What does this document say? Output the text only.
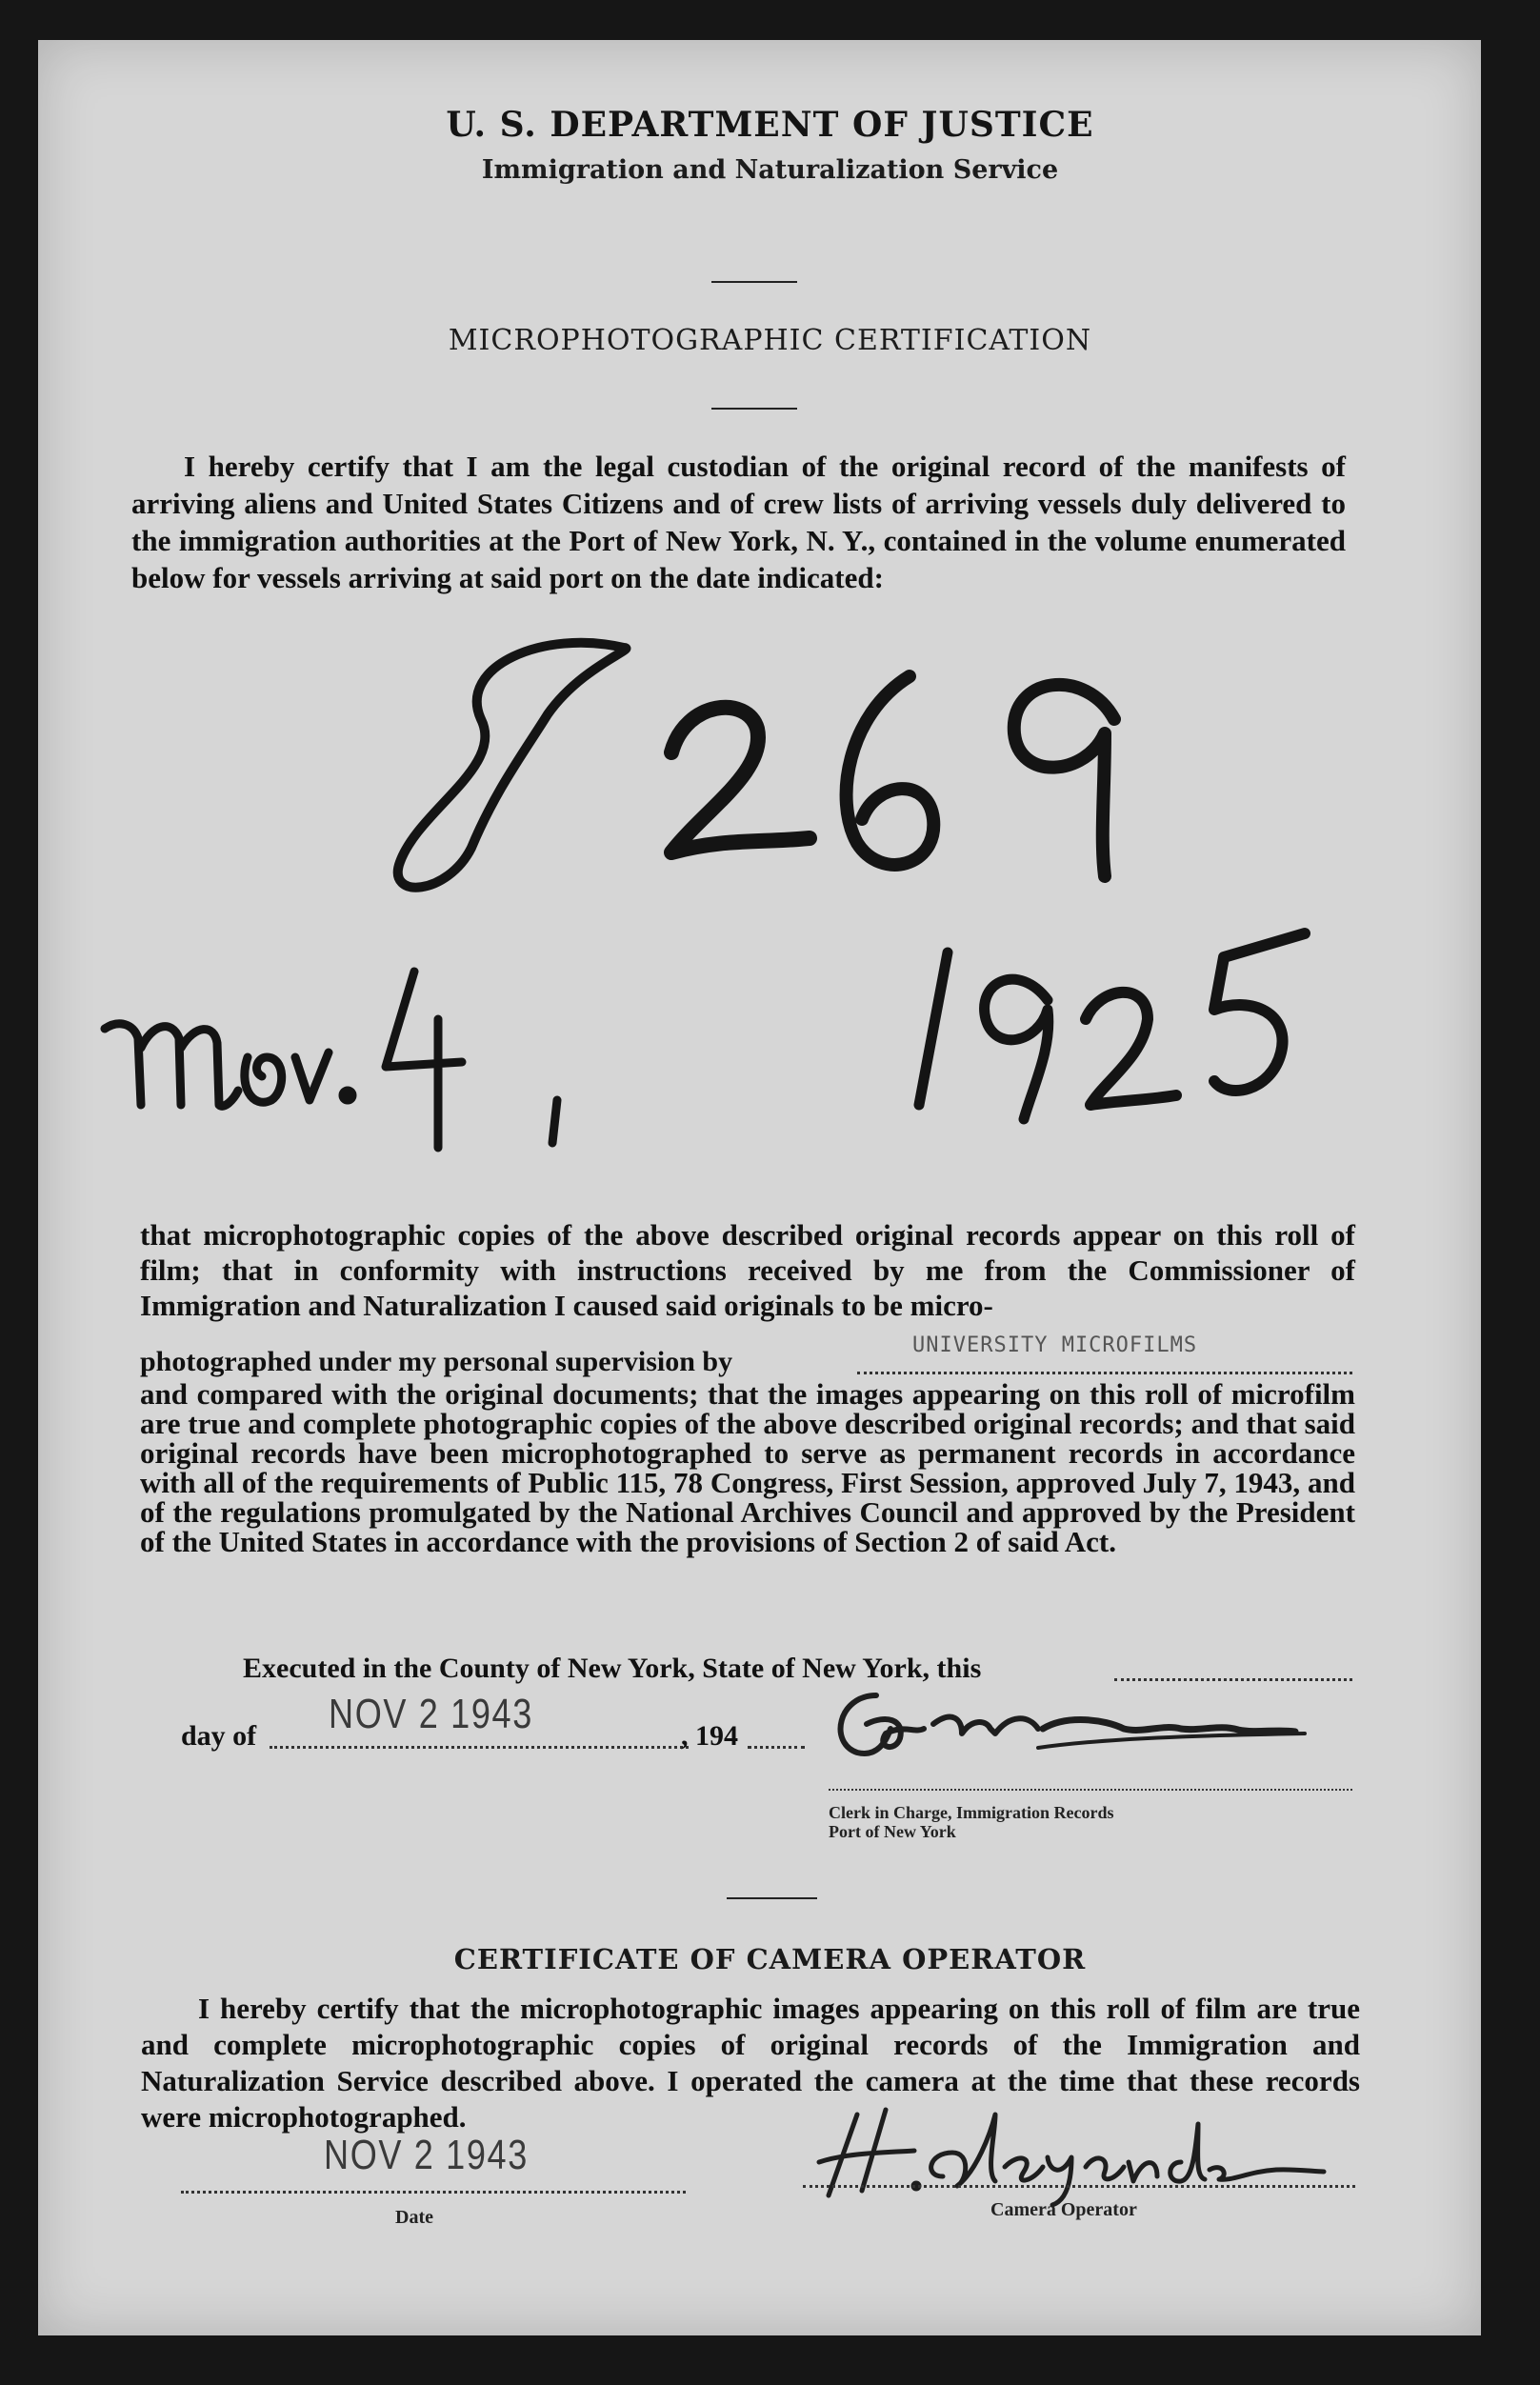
U. S. DEPARTMENT OF JUSTICE
Immigration and Naturalization Service
MICROPHOTOGRAPHIC CERTIFICATION
I hereby certify that I am the legal custodian of the original record of the manifests of arriving aliens and United States Citizens and of crew lists of arriving vessels duly delivered to the immigration authorities at the Port of New York, N. Y., contained in the volume enumerated below for vessels arriving at said port on the date indicated:
that microphotographic copies of the above described original records appear on this roll of film; that in conformity with instructions received by me from the Commissioner of Immigration and Naturalization I caused said originals to be micro-
photographed under my personal supervision by
UNIVERSITY MICROFILMS
and compared with the original documents; that the images appearing on this roll of microfilm are true and complete photographic copies of the above described original records; and that said original records have been microphotographed to serve as permanent records in accordance with all of the requirements of Public 115, 78 Congress, First Session, approved July 7, 1943, and of the regulations promulgated by the National Archives Council and approved by the President of the United States in accordance with the provisions of Section 2 of said Act.
Executed in the County of New York, State of New York, this
day of NOV 2 1943	, 194
Clerk in Charge, Immigration Records
Port of New York
CERTIFICATE OF CAMERA OPERATOR
I hereby certify that the microphotographic images appearing on this roll of film are true and complete microphotographic copies of original records of the Immigration and Naturalization Service described above. I operated the camera at the time that these records were microphotographed.
NOV 2 1943
Date	Camera Operator
